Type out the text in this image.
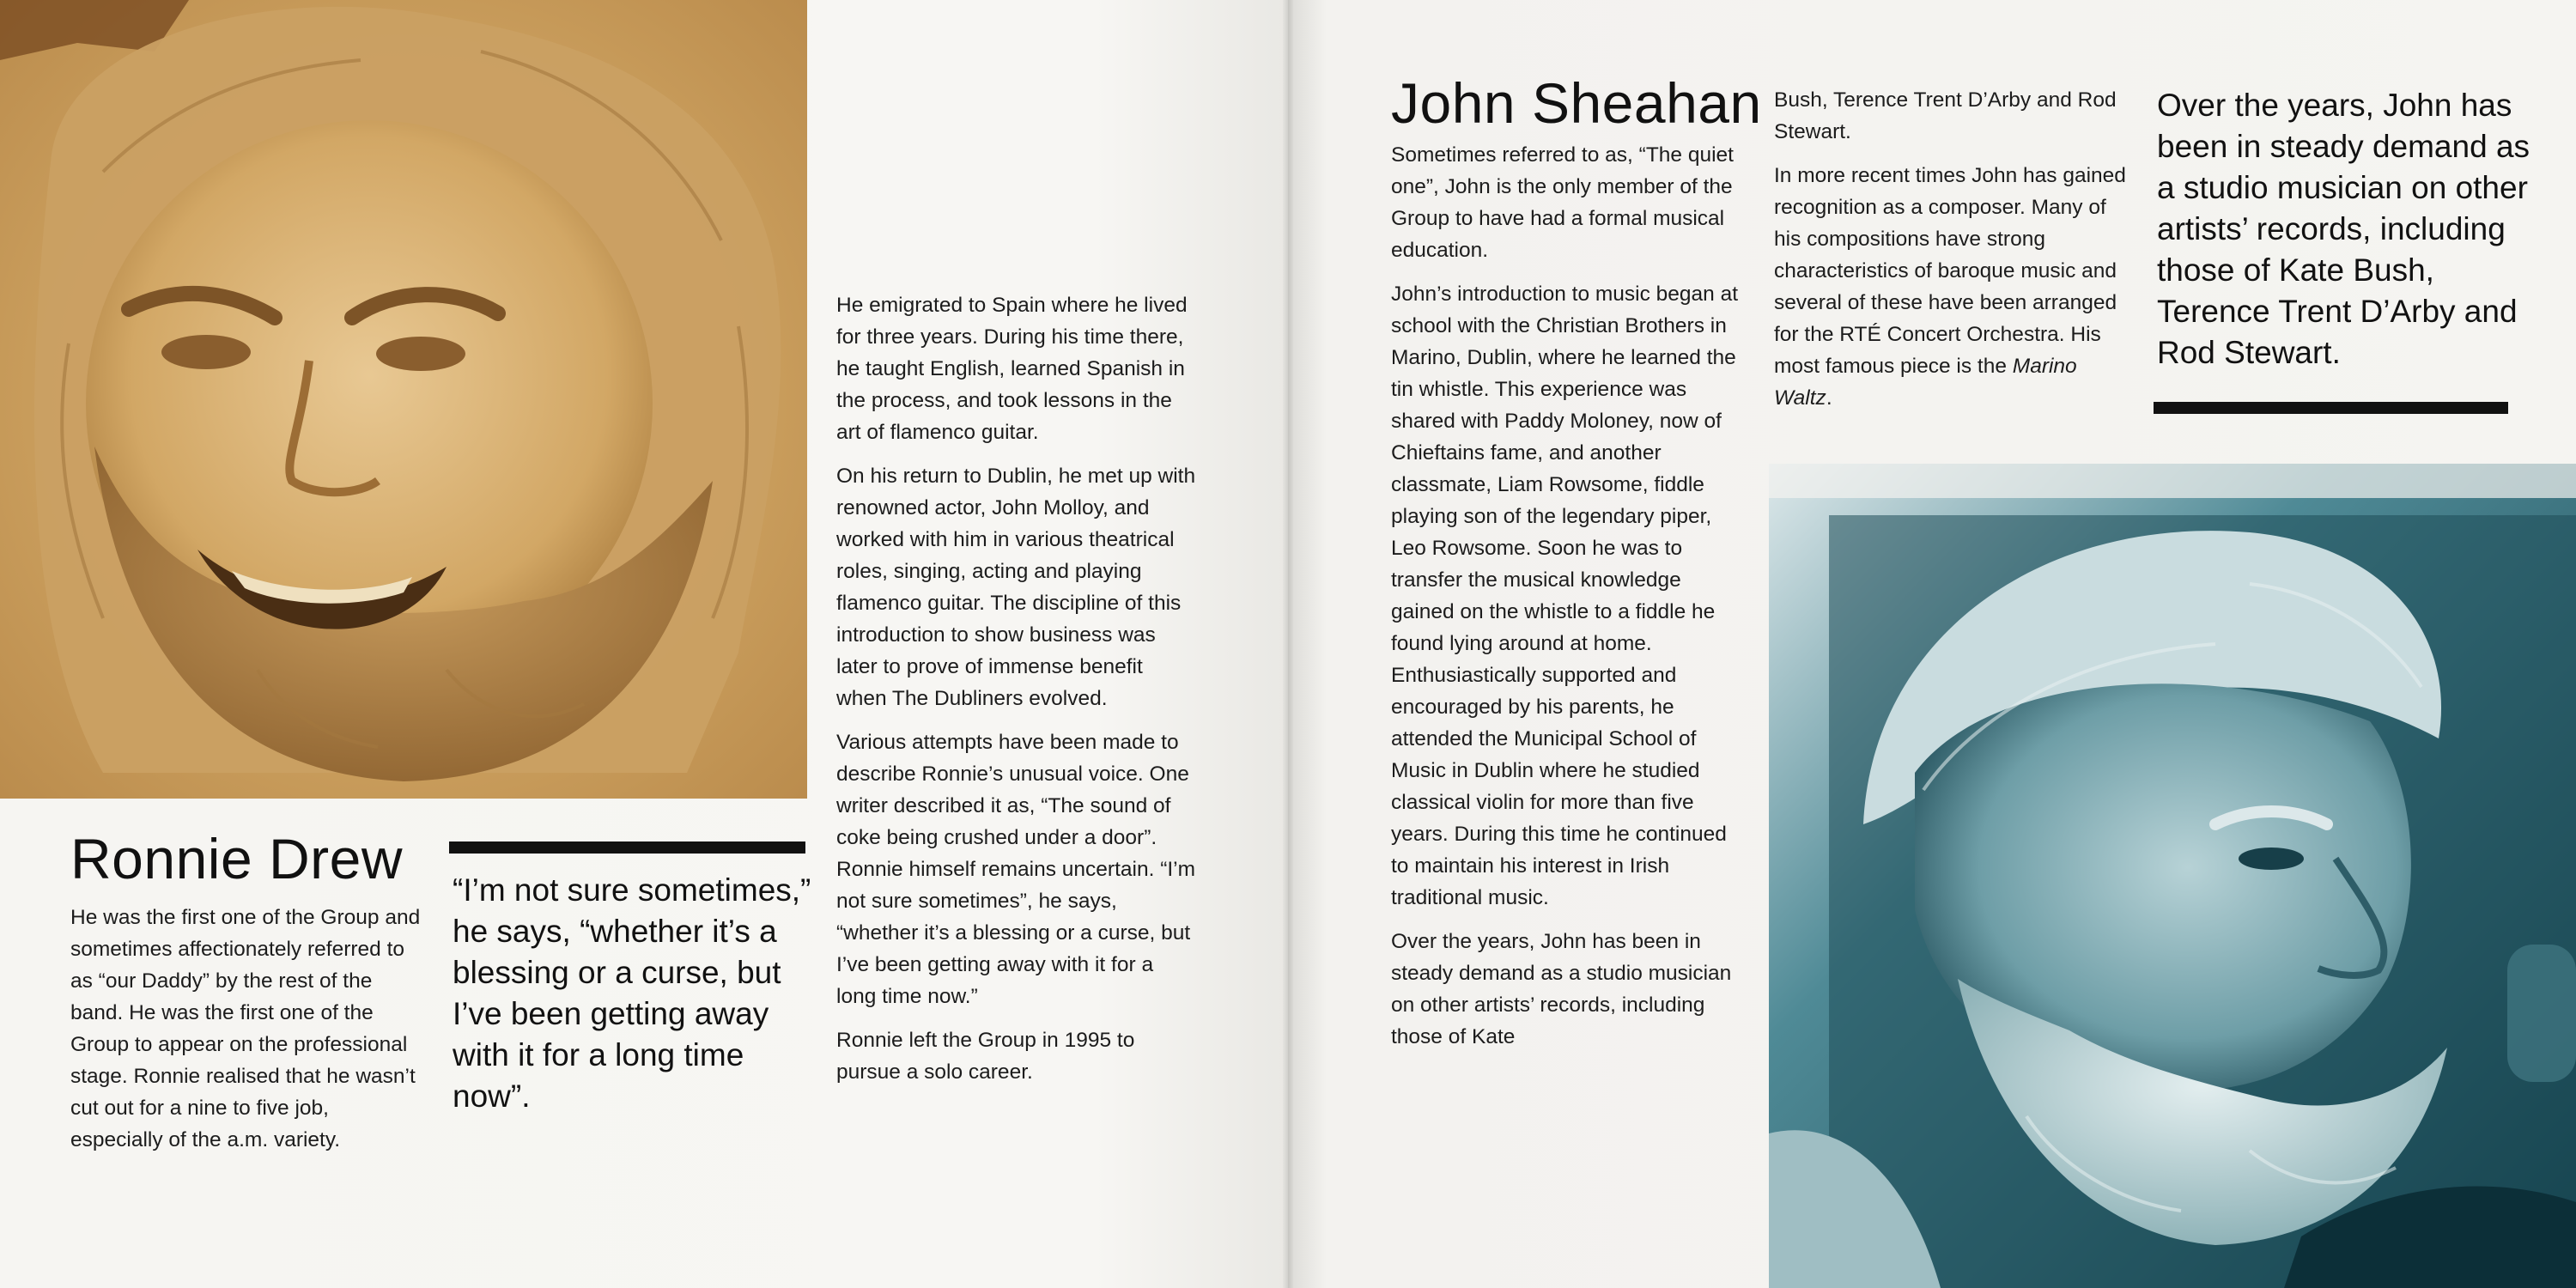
Ronnie Drew

He was the first one of the Group and sometimes affectionately referred to as “our Daddy” by the rest of the band. He was the first one of the Group to appear on the professional stage. Ronnie realised that he wasn’t cut out for a nine to five job, especially of the a.m. variety.

“I’m not sure sometimes,” he says, “whether it’s a blessing or a curse, but I’ve been getting away with it for a long time now”.

He emigrated to Spain where he lived for three years. During his time there, he taught English, learned Spanish in the process, and took lessons in the art of flamenco guitar.

On his return to Dublin, he met up with renowned actor, John Molloy, and worked with him in various theatrical roles, singing, acting and playing flamenco guitar. The discipline of this introduction to show business was later to prove of immense benefit when The Dubliners evolved.

Various attempts have been made to describe Ronnie’s unusual voice. One writer described it as, “The sound of coke being crushed under a door”. Ronnie himself remains uncertain. “I’m not sure sometimes”, he says, “whether it’s a blessing or a curse, but I’ve been getting away with it for a long time now.”

Ronnie left the Group in 1995 to pursue a solo career.

John Sheahan

Sometimes referred to as, “The quiet one”, John is the only member of the Group to have had a formal musical education.

John’s introduction to music began at school with the Christian Brothers in Marino, Dublin, where he learned the tin whistle. This experience was shared with Paddy Moloney, now of Chieftains fame, and another classmate, Liam Rowsome, fiddle playing son of the legendary piper, Leo Rowsome. Soon he was to transfer the musical knowledge gained on the whistle to a fiddle he found lying around at home. Enthusiastically supported and encouraged by his parents, he attended the Municipal School of Music in Dublin where he studied classical violin for more than five years. During this time he continued to maintain his interest in Irish traditional music.

Over the years, John has been in steady demand as a studio musician on other artists’ records, including those of Kate

Bush, Terence Trent D’Arby and Rod Stewart.

In more recent times John has gained recognition as a composer. Many of his compositions have strong characteristics of baroque music and several of these have been arranged for the RTÉ Concert Orchestra. His most famous piece is the Marino Waltz.

Over the years, John has been in steady demand as a studio musician on other artists’ records, including those of Kate Bush, Terence Trent D’Arby and Rod Stewart.
